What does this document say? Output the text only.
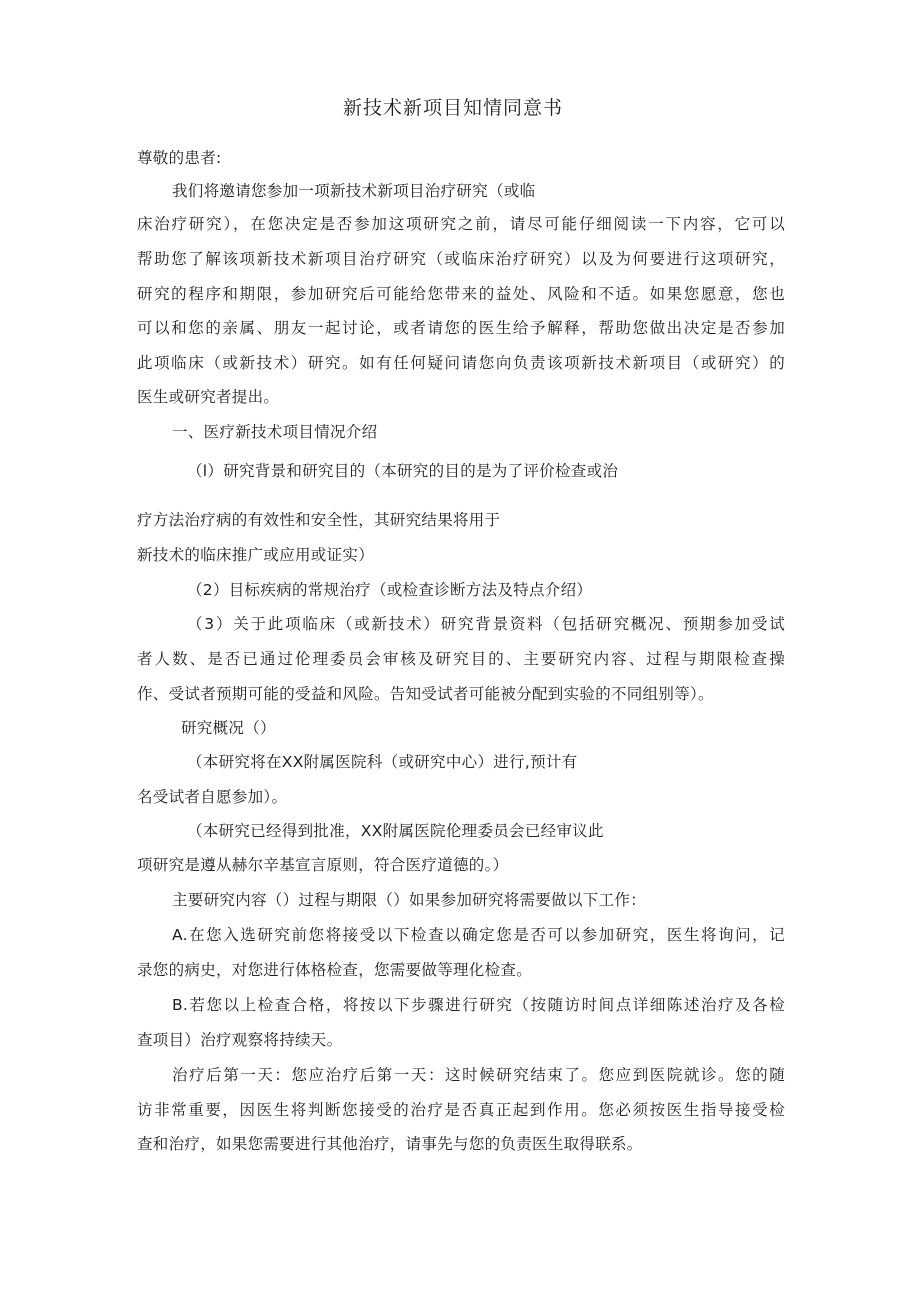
新技术新项目知情同意书
尊敬的患者:
我们将邀请您参加一项新技术新项目治疗研究（或临
床治疗研究），在您决定是否参加这项研究之前，请尽可能仔细阅读一下内容，它可以
帮助您了解该项新技术新项目治疗研究（或临床治疗研究）以及为何要进行这项研究，
研究的程序和期限，参加研究后可能给您带来的益处、风险和不适。如果您愿意，您也
可以和您的亲属、朋友一起讨论，或者请您的医生给予解释，帮助您做出决定是否参加
此项临床（或新技术）研究。如有任何疑问请您向负责该项新技术新项目（或研究）的
医生或研究者提出。
一、医疗新技术项目情况介绍
（l）研究背景和研究目的（本研究的目的是为了评价检查或治
疗方法治疗病的有效性和安全性，其研究结果将用于
新技术的临床推广或应用或证实）
（2）目标疾病的常规治疗（或检查诊断方法及特点介绍）
（3）关于此项临床（或新技术）研究背景资料（包括研究概况、预期参加受试
者人数、是否已通过伦理委员会审核及研究目的、主要研究内容、过程与期限检查操
作、受试者预期可能的受益和风险。告知受试者可能被分配到实验的不同组别等）。
研究概况（）
（本研究将在XX附属医院科（或研究中心）进行,预计有
名受试者自愿参加）。
（本研究已经得到批准，XX附属医院伦理委员会已经审议此
项研究是遵从赫尔辛基宣言原则，符合医疗道德的。）
主要研究内容（）过程与期限（）如果参加研究将需要做以下工作：
A.在您入选研究前您将接受以下检查以确定您是否可以参加研究，医生将询问，记
录您的病史，对您进行体格检查，您需要做等理化检查。
B.若您以上检查合格，将按以下步骤进行研究（按随访时间点详细陈述治疗及各检
查项目）治疗观察将持续天。
治疗后第一天：您应治疗后第一天：这时候研究结束了。您应到医院就诊。您的随
访非常重要，因医生将判断您接受的治疗是否真正起到作用。您必须按医生指导接受检
查和治疗，如果您需要进行其他治疗，请事先与您的负责医生取得联系。
